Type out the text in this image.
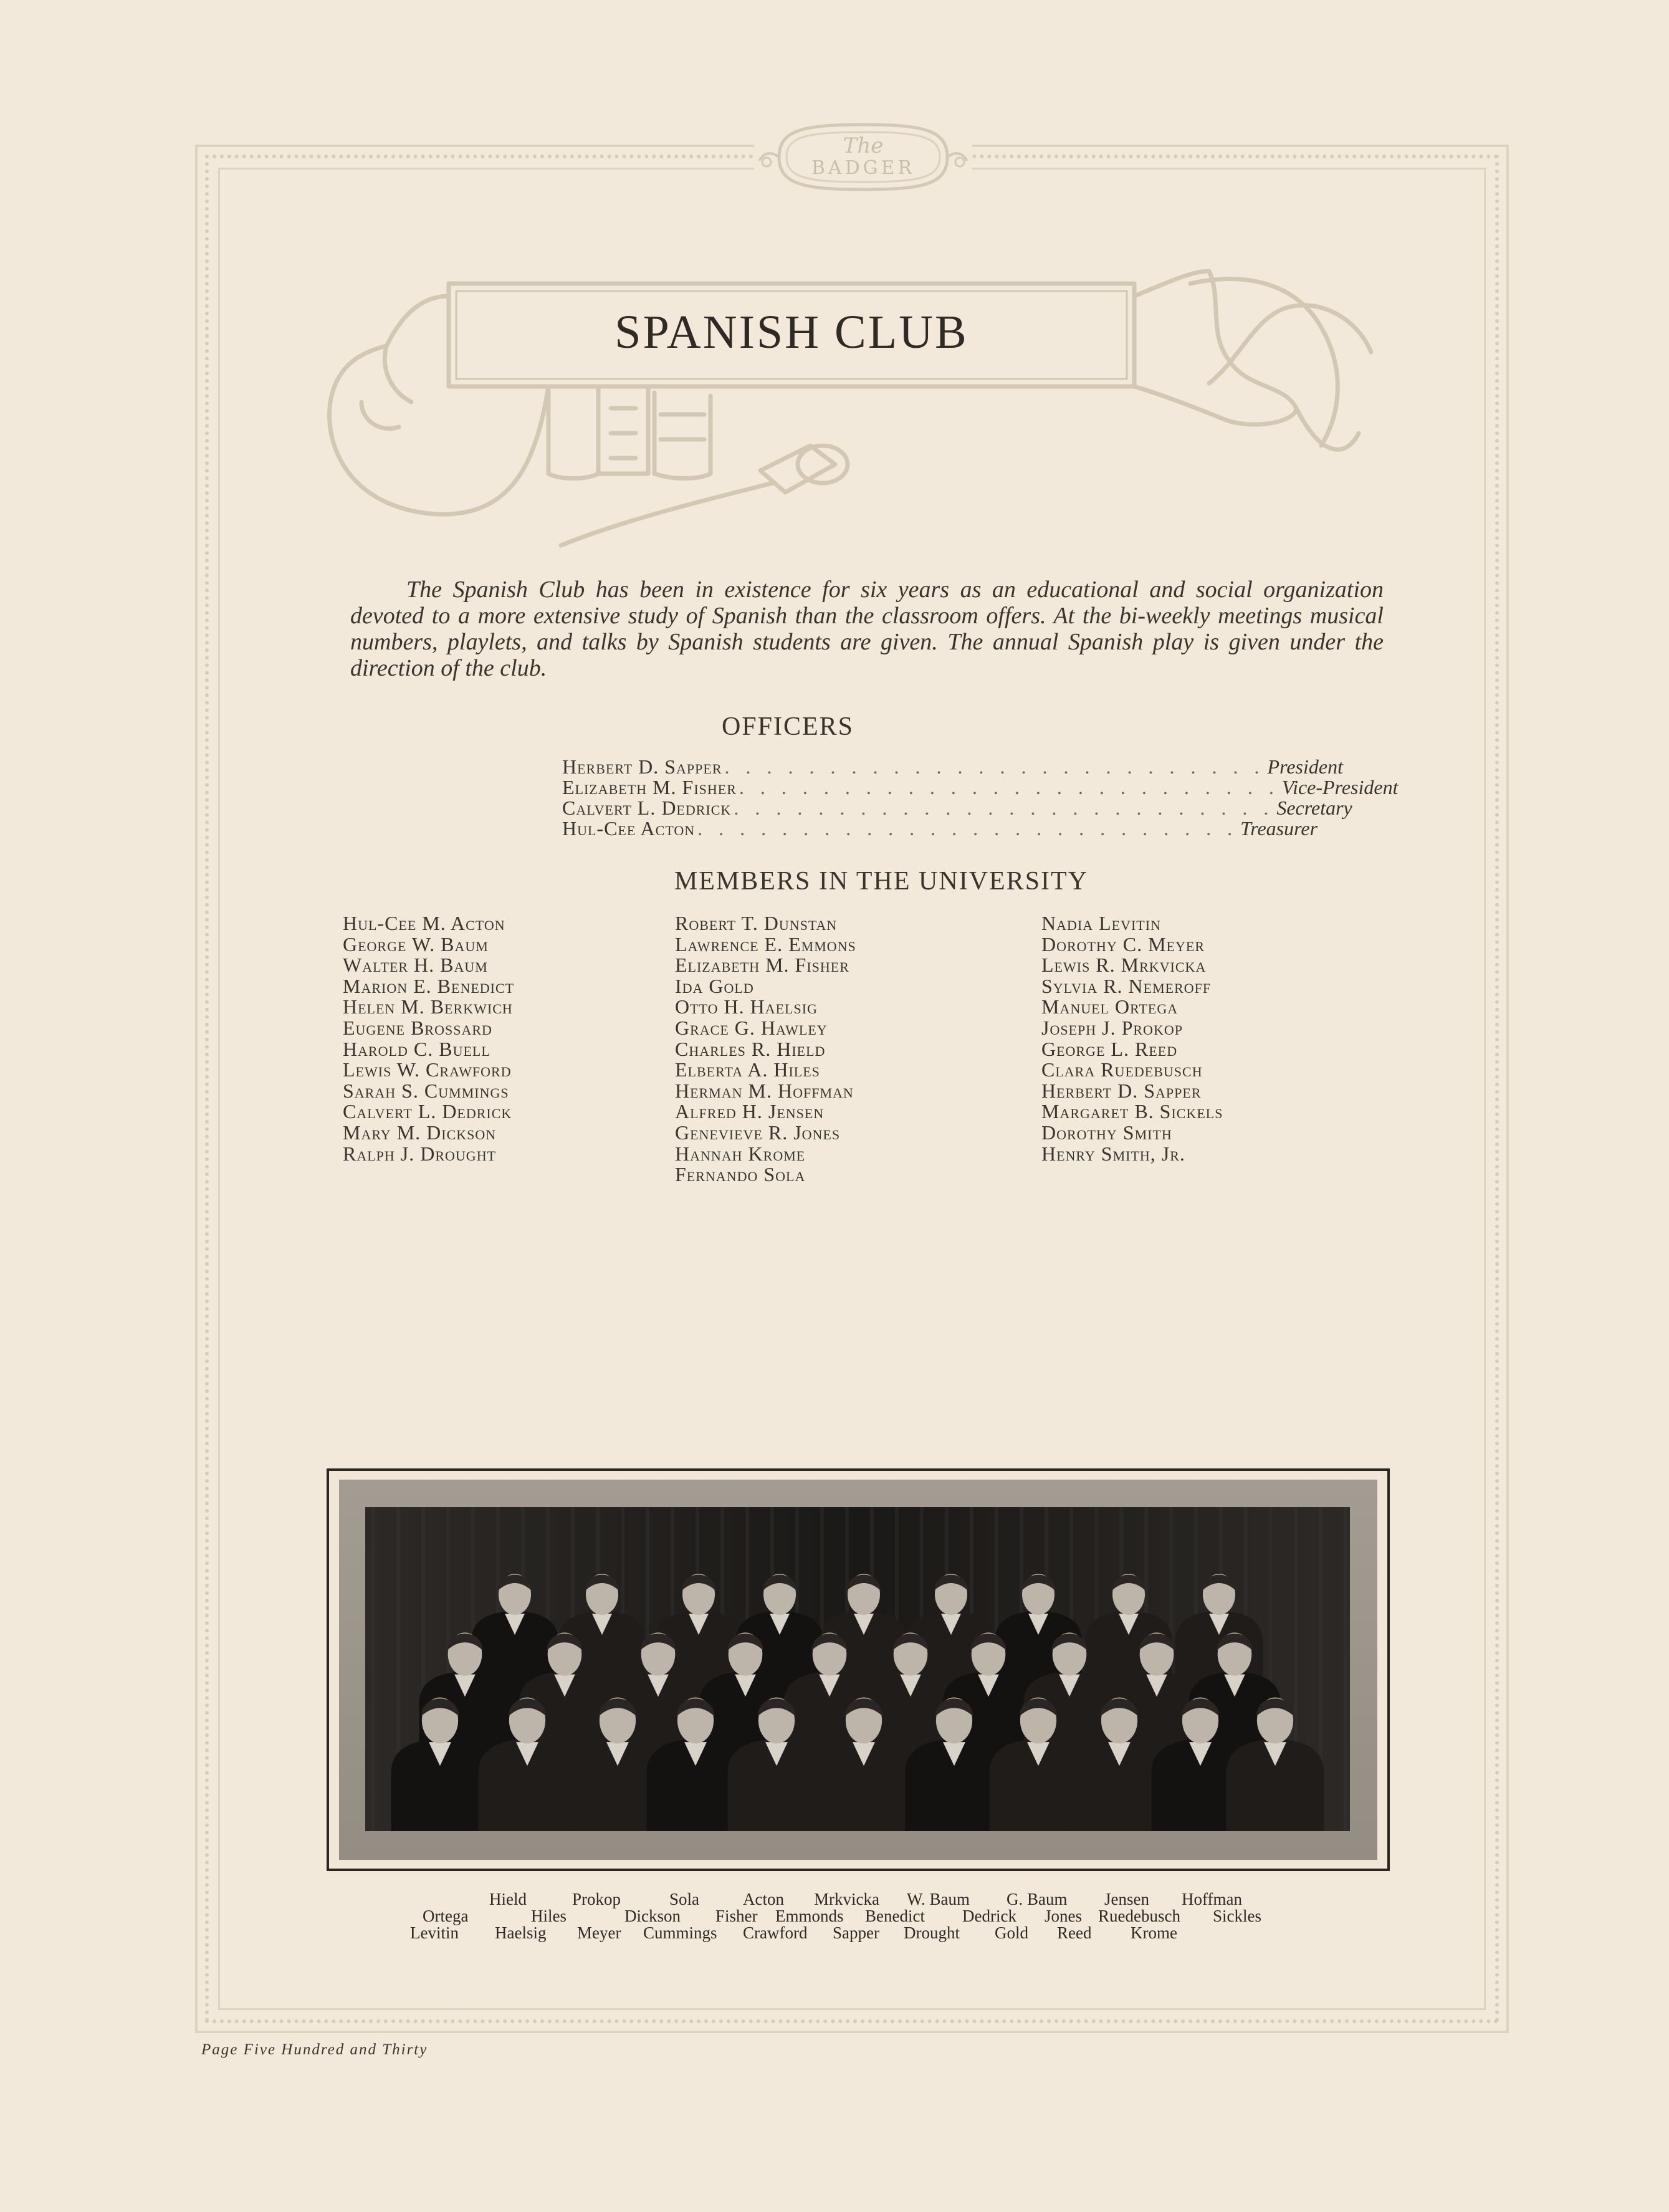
The
BADGER
SPANISH CLUB

The Spanish Club has been in existence for six years as an educational and social organization devoted to a more extensive study of Spanish than the classroom offers. At the bi-weekly meetings musical numbers, playlets, and talks by Spanish students are given. The annual Spanish play is given under the direction of the club.

OFFICERS
Herbert D. Sapper . . . . . . . . . . . . . . . . . . . . . . . . . . President
Elizabeth M. Fisher . . . . . . . . . . . . . . . . . . . . . . . . . . Vice-President
Calvert L. Dedrick . . . . . . . . . . . . . . . . . . . . . . . . . . Secretary
Hul-Cee Acton . . . . . . . . . . . . . . . . . . . . . . . . . . Treasurer
MEMBERS IN THE UNIVERSITY
Hul-Cee M. Acton
George W. Baum
Walter H. Baum
Marion E. Benedict
Helen M. Berkwich
Eugene Brossard
Harold C. Buell
Lewis W. Crawford
Sarah S. Cummings
Calvert L. Dedrick
Mary M. Dickson
Ralph J. Drought
Robert T. Dunstan
Lawrence E. Emmons
Elizabeth M. Fisher
Ida Gold
Otto H. Haelsig
Grace G. Hawley
Charles R. Hield
Elberta A. Hiles
Herman M. Hoffman
Alfred H. Jensen
Genevieve R. Jones
Hannah Krome
Fernando Sola
Nadia Levitin
Dorothy C. Meyer
Lewis R. Mrkvicka
Sylvia R. Nemeroff
Manuel Ortega
Joseph J. Prokop
George L. Reed
Clara Ruedebusch
Herbert D. Sapper
Margaret B. Sickels
Dorothy Smith
Henry Smith, Jr.
Hield	Prokop	Sola	Acton Mrkvicka W. Baum G. Baum Jensen Hoffman
Ortega	Hiles	Dickson Fisher Emmonds Benedict Dedrick Jones Ruedebusch Sickles
Levitin Haelsig Meyer Cummings Crawford Sapper Drought Gold Reed Krome
Page Five Hundred and Thirty
